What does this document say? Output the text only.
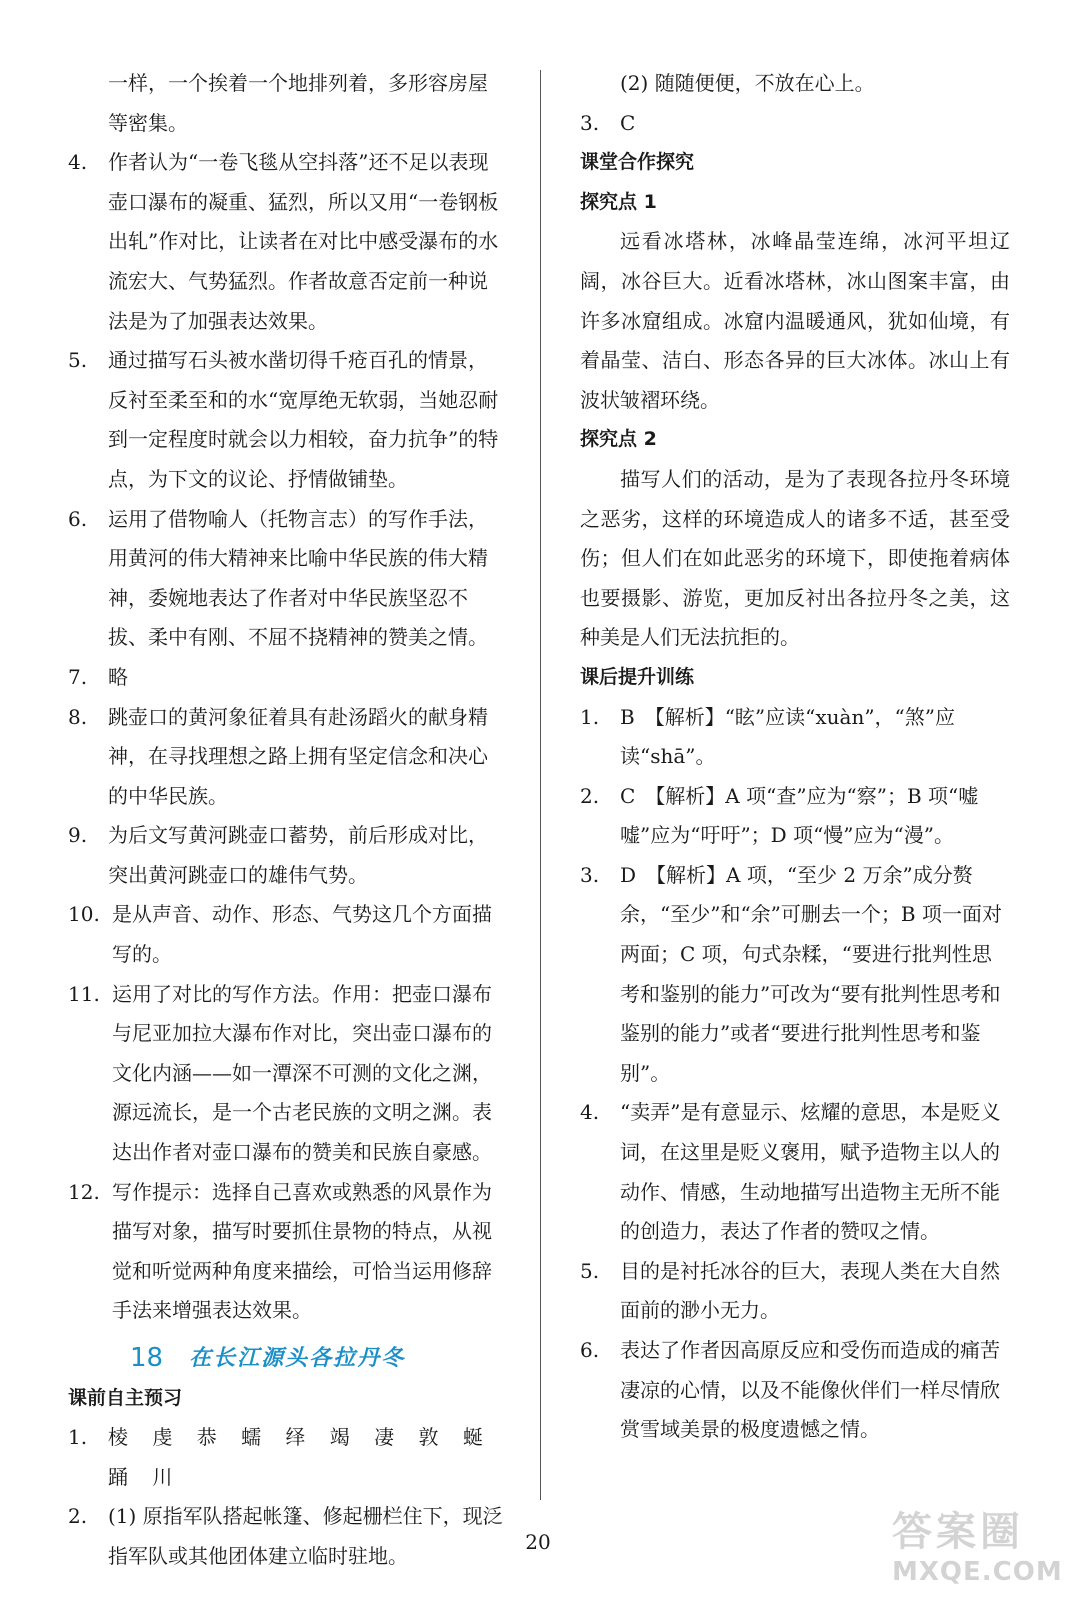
一样，一个挨着一个地排列着，多形容房屋等密集。

4. 作者认为“一卷飞毯从空抖落”还不足以表现壶口瀑布的凝重、猛烈，所以又用“一卷钢板出轧”作对比，让读者在对比中感受瀑布的水流宏大、气势猛烈。作者故意否定前一种说法是为了加强表达效果。

5. 通过描写石头被水凿切得千疮百孔的情景，反衬至柔至和的水“宽厚绝无软弱，当她忍耐到一定程度时就会以力相较，奋力抗争”的特点，为下文的议论、抒情做铺垫。

6. 运用了借物喻人（托物言志）的写作手法，用黄河的伟大精神来比喻中华民族的伟大精神，委婉地表达了作者对中华民族坚忍不拔、柔中有刚、不屈不挠精神的赞美之情。

7. 略

8. 跳壶口的黄河象征着具有赴汤蹈火的献身精神，在寻找理想之路上拥有坚定信念和决心的中华民族。

9. 为后文写黄河跳壶口蓄势，前后形成对比，突出黄河跳壶口的雄伟气势。

10. 是从声音、动作、形态、气势这几个方面描写的。

11. 运用了对比的写作方法。作用：把壶口瀑布与尼亚加拉大瀑布作对比，突出壶口瀑布的文化内涵——如一潭深不可测的文化之渊，源远流长，是一个古老民族的文明之渊。表达出作者对壶口瀑布的赞美和民族自豪感。

12. 写作提示：选择自己喜欢或熟悉的风景作为描写对象，描写时要抓住景物的特点，从视觉和听觉两种角度来描绘，可恰当运用修辞手法来增强表达效果。

18 在长江源头各拉丹冬

课前自主预习

1. 棱 虔 恭 蠕 绎 竭 凄 敦 蜒 踊 川

2. (1) 原指军队搭起帐篷、修起栅栏住下，现泛指军队或其他团体建立临时驻地。

(2) 随随便便，不放在心上。

3. C

课堂合作探究

探究点 1

远看冰塔林，冰峰晶莹连绵，冰河平坦辽阔，冰谷巨大。近看冰塔林，冰山图案丰富，由许多冰窟组成。冰窟内温暖通风，犹如仙境，有着晶莹、洁白、形态各异的巨大冰体。冰山上有波状皱褶环绕。

探究点 2

描写人们的活动，是为了表现各拉丹冬环境之恶劣，这样的环境造成人的诸多不适，甚至受伤；但人们在如此恶劣的环境下，即使拖着病体也要摄影、游览，更加反衬出各拉丹冬之美，这种美是人们无法抗拒的。

课后提升训练

1. B　【解析】“眩”应读“xuàn”，“煞”应读“shā”。

2. C　【解析】A 项“查”应为“察”；B 项“嘘嘘”应为“吁吁”；D 项“慢”应为“漫”。

3. D　【解析】A 项，“至少 2 万余”成分赘余，“至少”和“余”可删去一个；B 项一面对两面；C 项，句式杂糅，“要进行批判性思考和鉴别的能力”可改为“要有批判性思考和鉴别的能力”或者“要进行批判性思考和鉴别”。

4. “卖弄”是有意显示、炫耀的意思，本是贬义词，在这里是贬义褒用，赋予造物主以人的动作、情感，生动地描写出造物主无所不能的创造力，表达了作者的赞叹之情。

5. 目的是衬托冰谷的巨大，表现人类在大自然面前的渺小无力。

6. 表达了作者因高原反应和受伤而造成的痛苦凄凉的心情，以及不能像伙伴们一样尽情欣赏雪域美景的极度遗憾之情。

20	答案圈
MXQE.COM
